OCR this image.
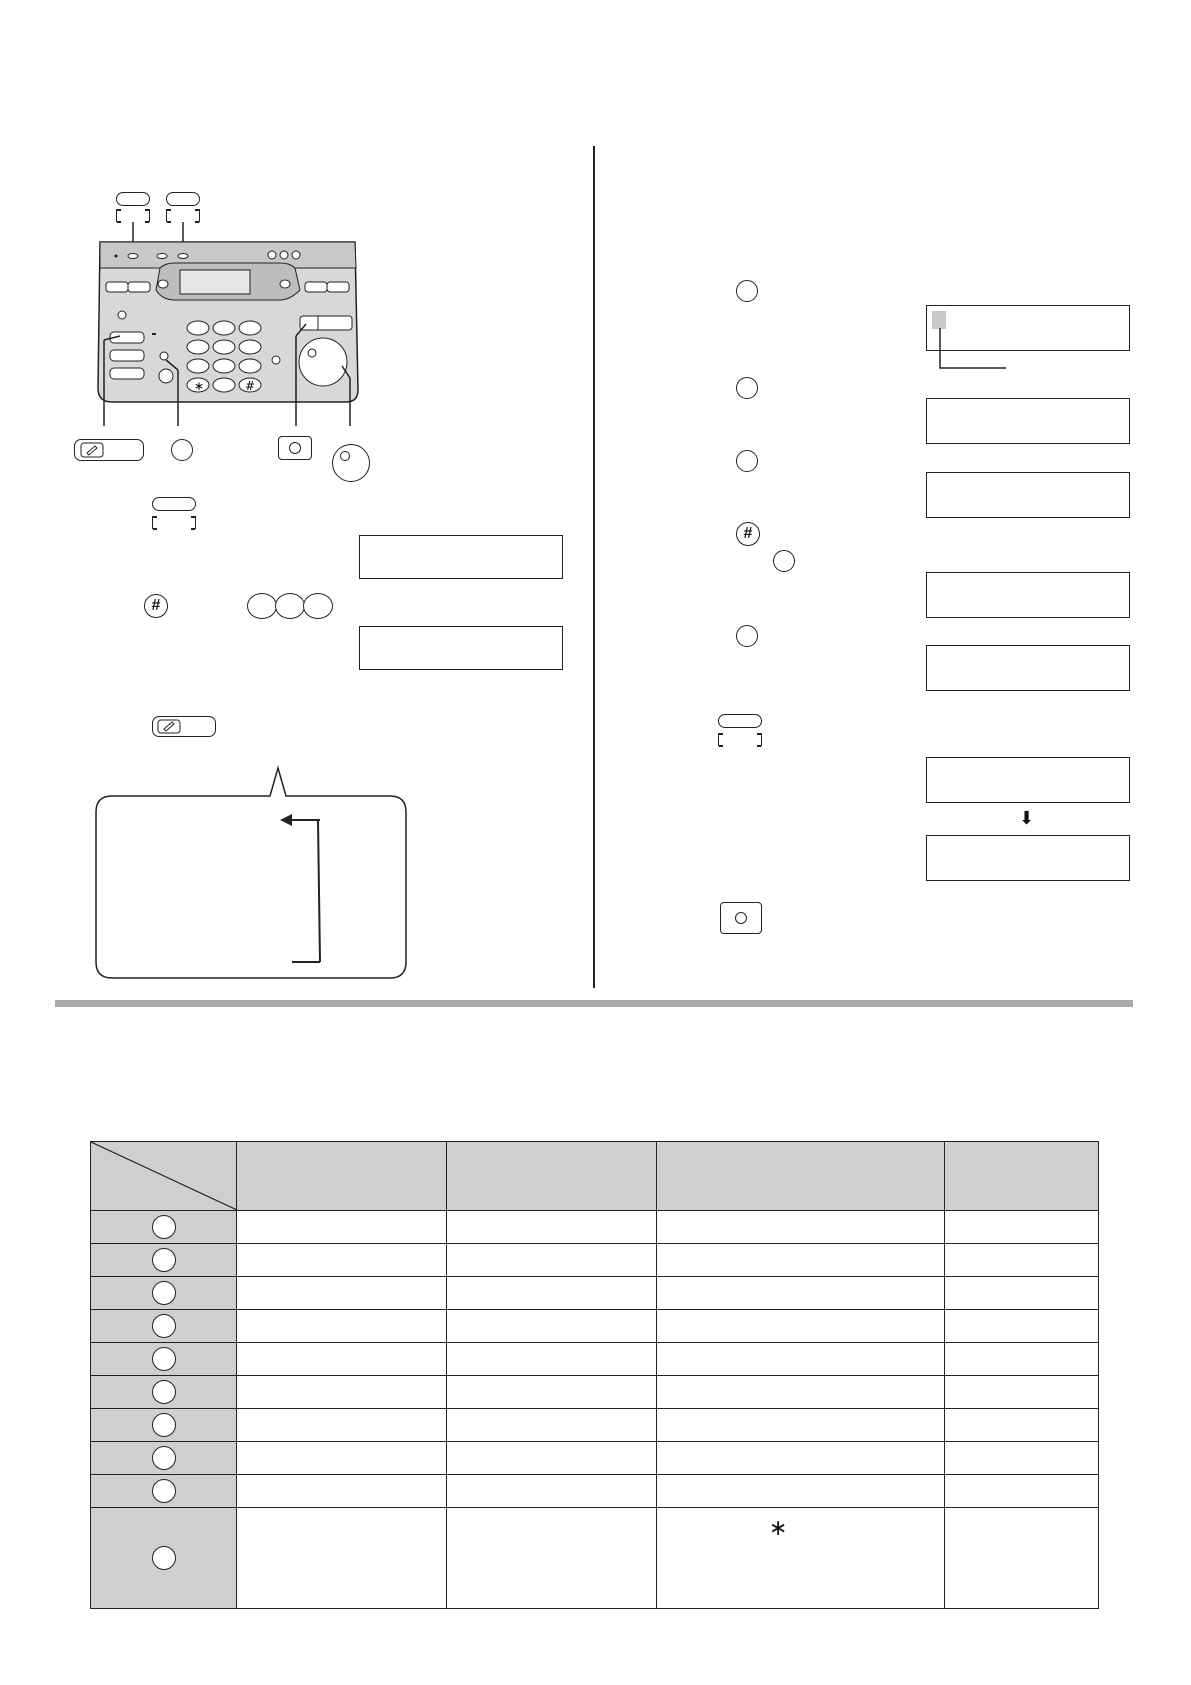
∗	#
#
#
⬇

			∗	
